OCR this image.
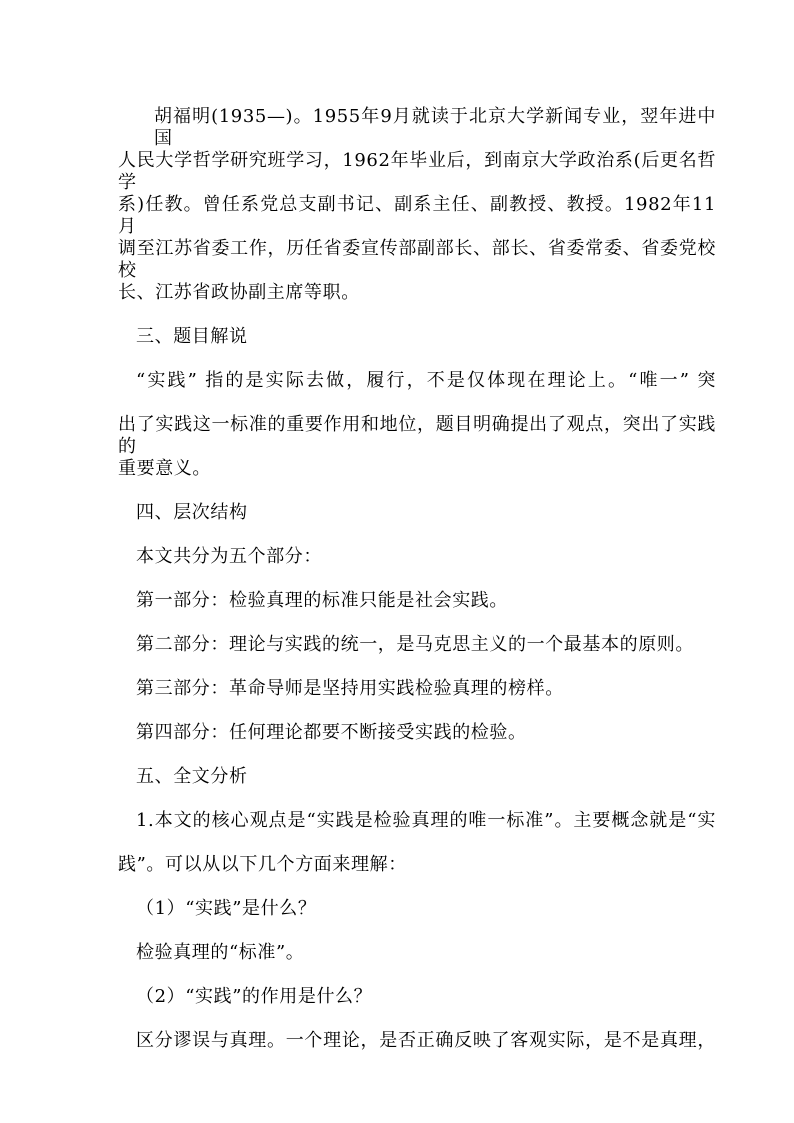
胡福明(1935—)。1955年9月就读于北京大学新闻专业，翌年进中国
人民大学哲学研究班学习，1962年毕业后，到南京大学政治系(后更名哲学
系)任教。曾任系党总支副书记、副系主任、副教授、教授。1982年11月
调至江苏省委工作，历任省委宣传部副部长、部长、省委常委、省委党校校
长、江苏省政协副主席等职。
三、题目解说
“实践” 指的是实际去做，履行，不是仅体现在理论上。“唯一” 突
出了实践这一标准的重要作用和地位，题目明确提出了观点，突出了实践的
重要意义。
四、层次结构
本文共分为五个部分：
第一部分：检验真理的标准只能是社会实践。
第二部分：理论与实践的统一，是马克思主义的一个最基本的原则。
第三部分：革命导师是坚持用实践检验真理的榜样。
第四部分：任何理论都要不断接受实践的检验。
五、全文分析
1.本文的核心观点是“实践是检验真理的唯一标准”。主要概念就是“实
践”。可以从以下几个方面来理解：
（1）“实践”是什么？
检验真理的“标准”。
（2）“实践”的作用是什么？
区分谬误与真理。一个理论，是否正确反映了客观实际，是不是真理，
